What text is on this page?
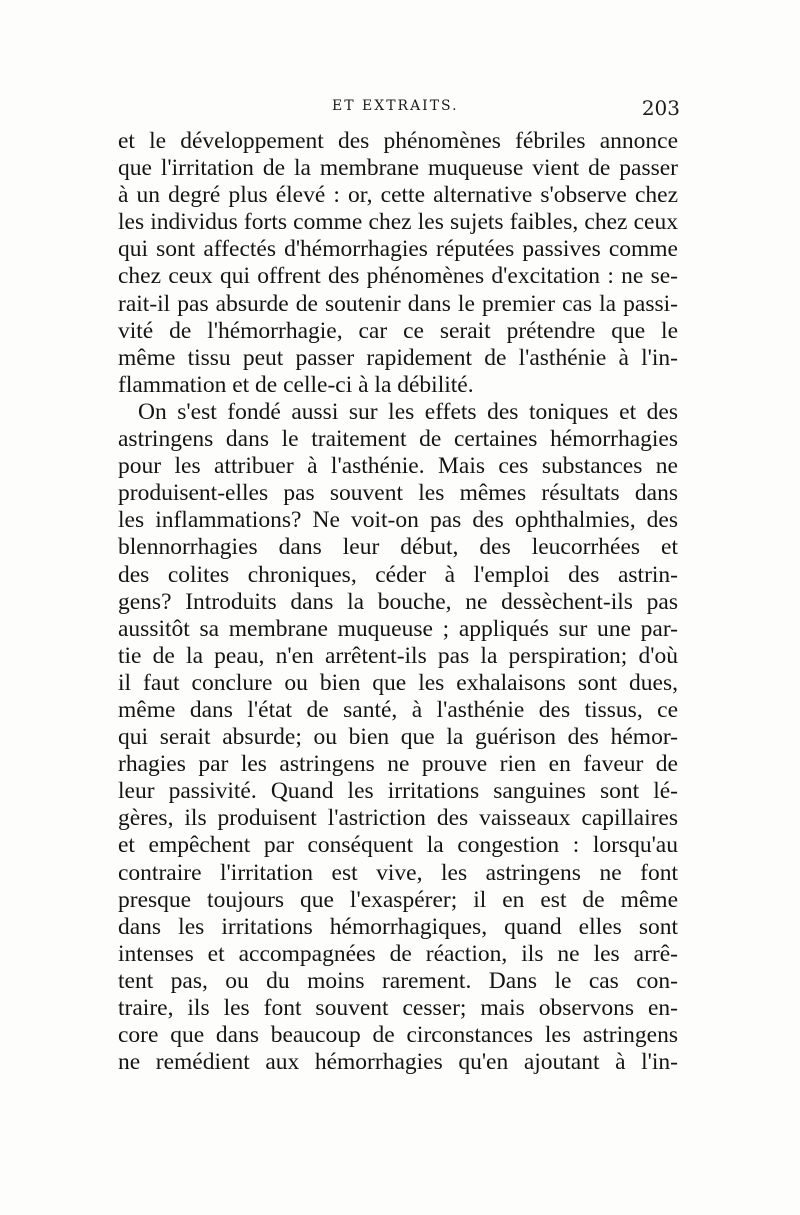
ET EXTRAITS.	203
et le développement des phénomènes fébriles annonce
que l'irritation de la membrane muqueuse vient de passer
à un degré plus élevé : or, cette alternative s'observe chez
les individus forts comme chez les sujets faibles, chez ceux
qui sont affectés d'hémorrhagies réputées passives comme
chez ceux qui offrent des phénomènes d'excitation : ne se-
rait-il pas absurde de soutenir dans le premier cas la passi-
vité de l'hémorrhagie, car ce serait prétendre que le
même tissu peut passer rapidement de l'asthénie à l'in-
flammation et de celle-ci à la débilité.
On s'est fondé aussi sur les effets des toniques et des
astringens dans le traitement de certaines hémorrhagies
pour les attribuer à l'asthénie. Mais ces substances ne
produisent-elles pas souvent les mêmes résultats dans
les inflammations? Ne voit-on pas des ophthalmies, des
blennorrhagies dans leur début, des leucorrhées et
des colites chroniques, céder à l'emploi des astrin-
gens? Introduits dans la bouche, ne dessèchent-ils pas
aussitôt sa membrane muqueuse ; appliqués sur une par-
tie de la peau, n'en arrêtent-ils pas la perspiration; d'où
il faut conclure ou bien que les exhalaisons sont dues,
même dans l'état de santé, à l'asthénie des tissus, ce
qui serait absurde; ou bien que la guérison des hémor-
rhagies par les astringens ne prouve rien en faveur de
leur passivité. Quand les irritations sanguines sont lé-
gères, ils produisent l'astriction des vaisseaux capillaires
et empêchent par conséquent la congestion : lorsqu'au
contraire l'irritation est vive, les astringens ne font
presque toujours que l'exaspérer; il en est de même
dans les irritations hémorrhagiques, quand elles sont
intenses et accompagnées de réaction, ils ne les arrê-
tent pas, ou du moins rarement. Dans le cas con-
traire, ils les font souvent cesser; mais observons en-
core que dans beaucoup de circonstances les astringens
ne remédient aux hémorrhagies qu'en ajoutant à l'in-
